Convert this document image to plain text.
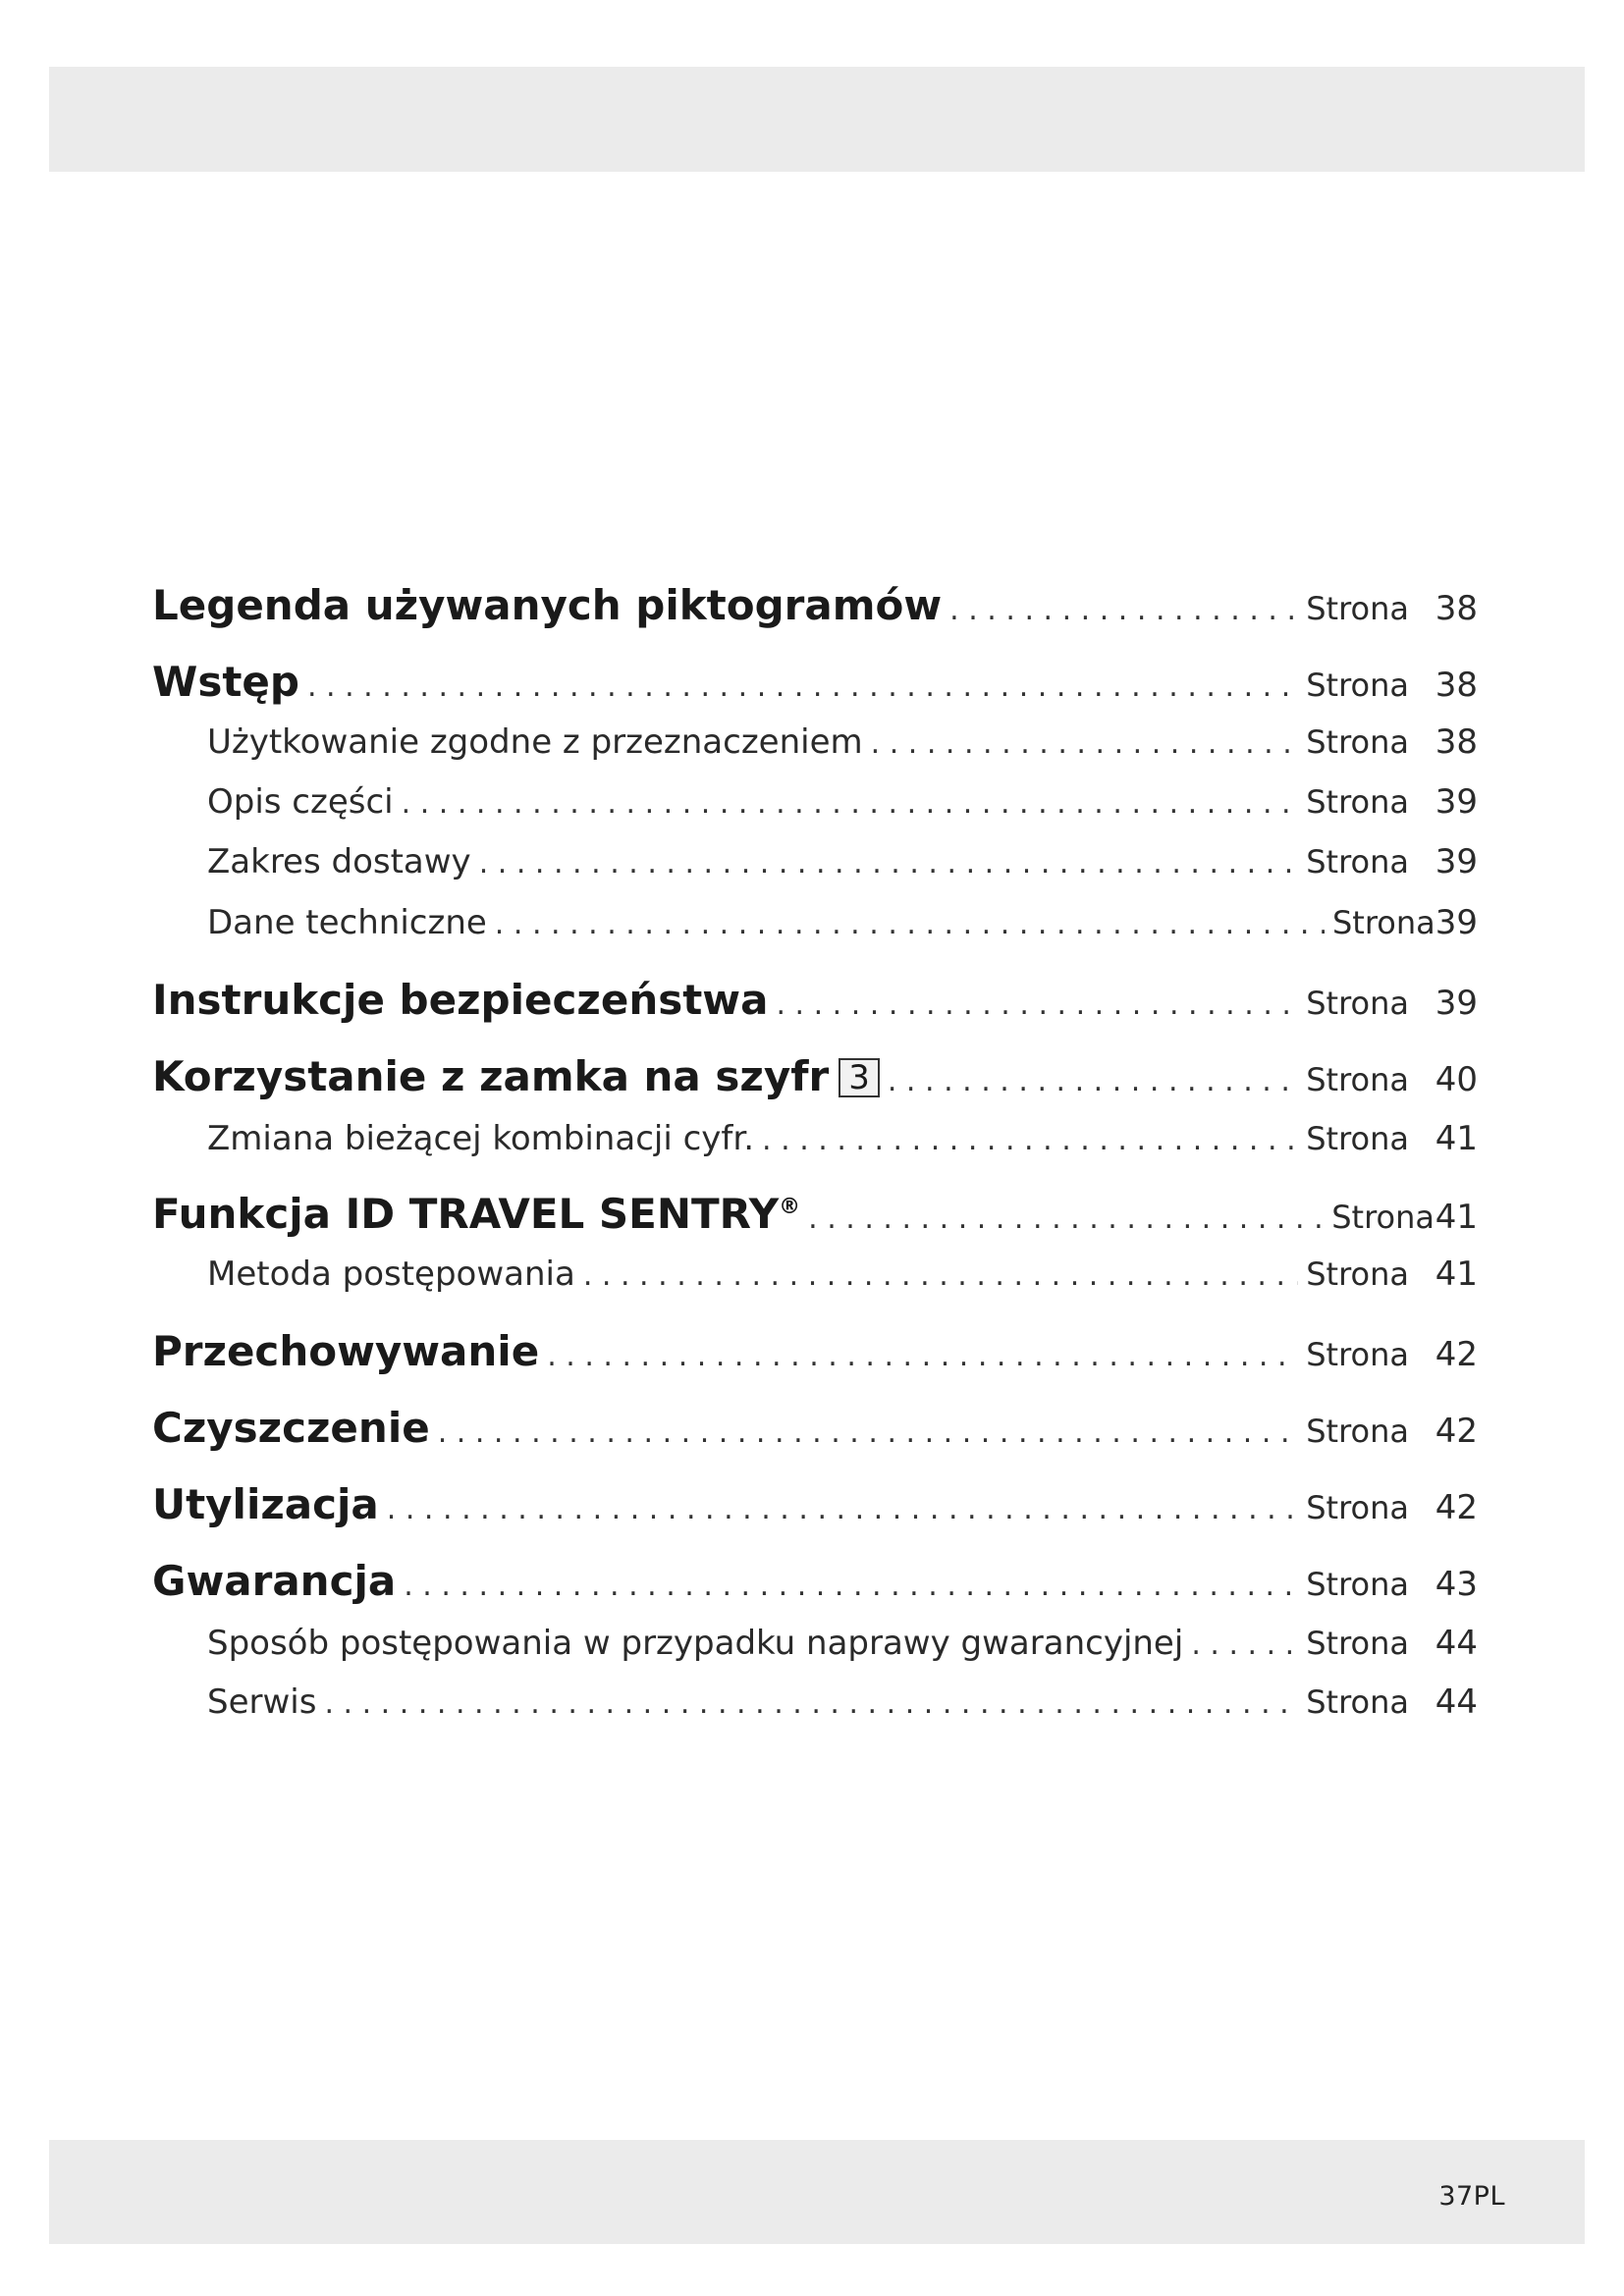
Legenda używanych piktogramów . . .	Strona 38
Wstęp . . .	Strona 38
Użytkowanie zgodne z przeznaczeniem . . .	Strona 38
Opis części . . .	Strona 39
Zakres dostawy . . .	Strona 39
Dane techniczne . . .	Strona 39
Instrukcje bezpieczeństwa . . .	Strona 39
Korzystanie z zamka na szyfr 3 . . .	Strona 40
Zmiana bieżącej kombinacji cyfr. . . .	Strona 41
Funkcja ID TRAVEL SENTRY® . . .	Strona 41
Metoda postępowania . . .	Strona 41
Przechowywanie . . .	Strona 42
Czyszczenie . . .	Strona 42
Utylizacja . . .	Strona 42
Gwarancja . . .	Strona 43
Sposób postępowania w przypadku naprawy gwarancyjnej . . .	Strona 44
Serwis . . .	Strona 44
37PL
